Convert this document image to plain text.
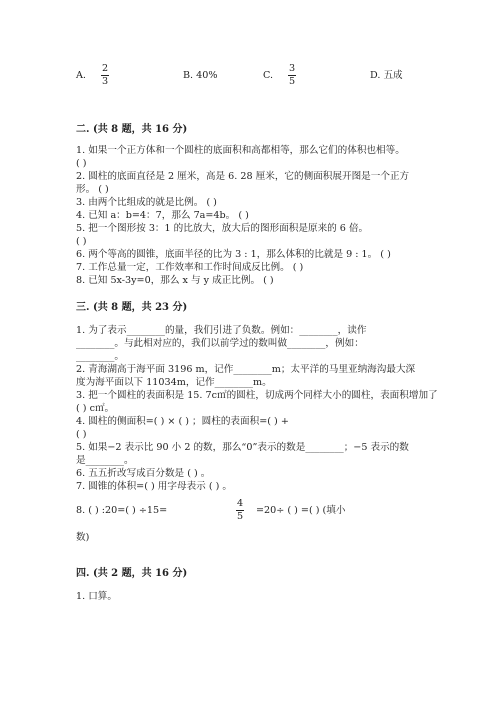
A.
2
3
B. 40%	C.
3
5
D. 五成
二. (共 8 题，共 16 分)
1. 如果一个正方体和一个圆柱的底面积和高都相等，那么它们的体积也相等。
( )
2. 圆柱的底面直径是 2 厘米，高是 6. 28 厘米，它的侧面积展开图是一个正方
形。 ( )
3. 由两个比组成的就是比例。 ( )
4. 已知 a：b=4：7，那么 7a=4b。 ( )
5. 把一个图形按 3：1 的比放大，放大后的图形面积是原来的 6 倍。
( )
6. 两个等高的圆锥，底面半径的比为 3 : 1，那么体积的比就是 9 : 1。 ( )
7. 工作总量一定，工作效率和工作时间成反比例。 ( )
8. 已知 5x-3y=0，那么 x 与 y 成正比例。 ( )
三. (共 8 题，共 23 分)
1. 为了表示________的量，我们引进了负数。例如：________，读作
________。与此相对应的，我们以前学过的数叫做________，例如：
________。
2. 青海湖高于海平面 3196 m，记作________m；太平洋的马里亚纳海沟最大深
度为海平面以下 11034m，记作________m。
3. 把一个圆柱的表面积是 15. 7c㎡的圆柱，切成两个同样大小的圆柱，表面积增加了
( ) c㎡。
4. 圆柱的侧面积=( ) × ( ) ；圆柱的表面积=( ) +
( )
5. 如果−2 表示比 90 小 2 的数，那么“0”表示的数是________；−5 表示的数
是________。
6. 五五折改写成百分数是 ( ) 。
7. 圆锥的体积=( ) 用字母表示 ( ) 。
8. ( ) :20=( ) ÷15=
4
5
=20÷ ( ) =( ) (填小
数)
四. (共 2 题，共 16 分)
1. 口算。
